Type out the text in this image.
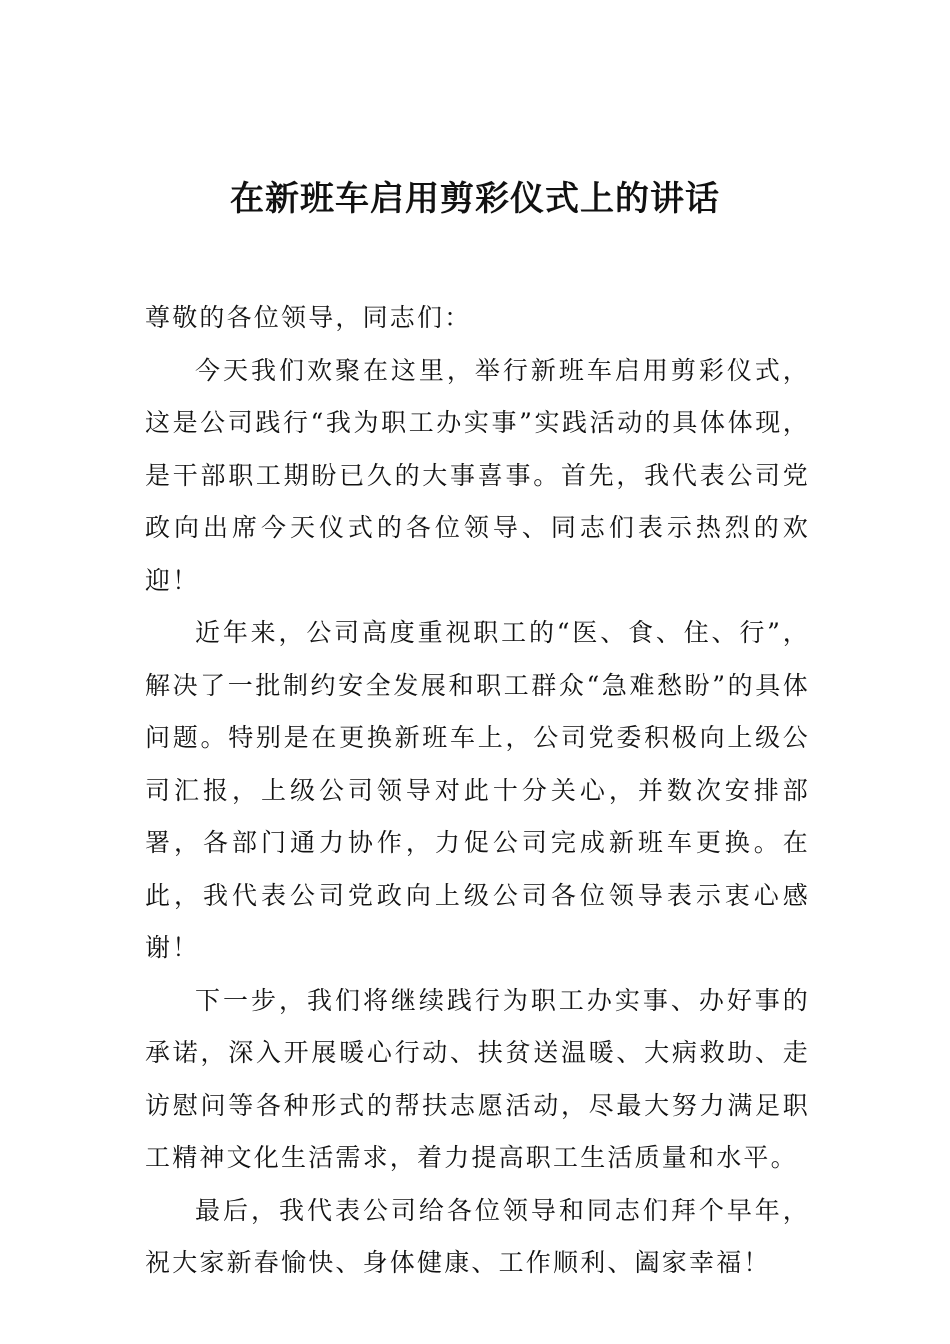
在新班车启用剪彩仪式上的讲话

尊敬的各位领导，同志们：

今天我们欢聚在这里，举行新班车启用剪彩仪式，这是公司践行“我为职工办实事”实践活动的具体体现，是干部职工期盼已久的大事喜事。首先，我代表公司党政向出席今天仪式的各位领导、同志们表示热烈的欢迎！

近年来，公司高度重视职工的“医、食、住、行”，解决了一批制约安全发展和职工群众“急难愁盼”的具体问题。特别是在更换新班车上，公司党委积极向上级公司汇报，上级公司领导对此十分关心，并数次安排部署，各部门通力协作，力促公司完成新班车更换。在此，我代表公司党政向上级公司各位领导表示衷心感谢！

下一步，我们将继续践行为职工办实事、办好事的承诺，深入开展暖心行动、扶贫送温暖、大病救助、走访慰问等各种形式的帮扶志愿活动，尽最大努力满足职工精神文化生活需求，着力提高职工生活质量和水平。

最后，我代表公司给各位领导和同志们拜个早年，祝大家新春愉快、身体健康、工作顺利、阖家幸福！
